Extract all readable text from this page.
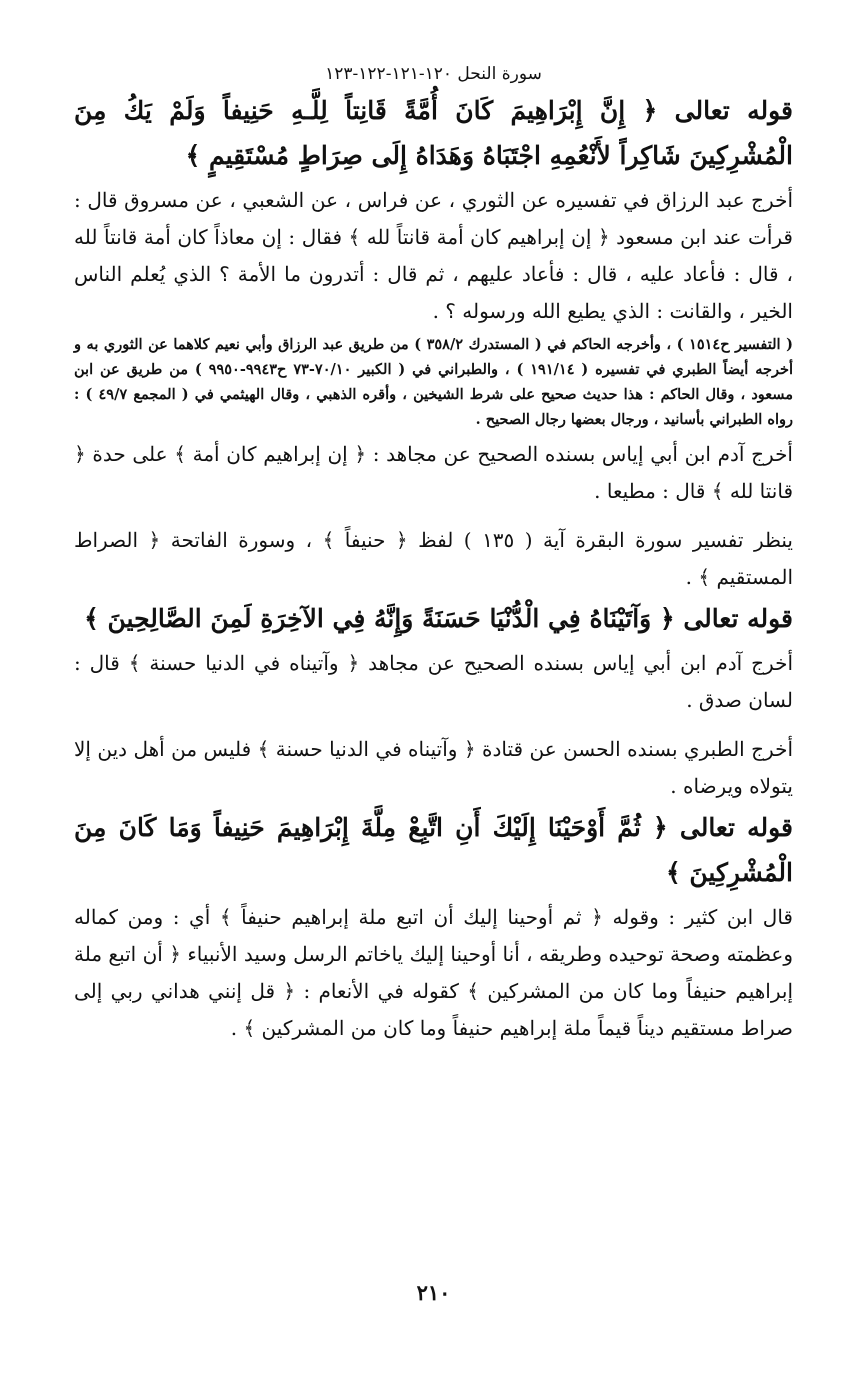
سورة النحل ١٢٠-١٢١-١٢٢-١٢٣
قوله تعالى ﴿ إِنَّ إِبْرَاهِيمَ كَانَ أُمَّةً قَانِتاً لِلَّـهِ حَنِيفاً وَلَمْ يَكُ مِنَ الْمُشْرِكِينَ شَاكِراً لأَنْعُمِهِ اجْتَبَاهُ وَهَدَاهُ إِلَى صِرَاطٍ مُسْتَقِيمٍ ﴾

أخرج عبد الرزاق في تفسيره عن الثوري ، عن فراس ، عن الشعبي ، عن مسروق قال : قرأت عند ابن مسعود ﴿ إن إبراهيم كان أمة قانتاً لله ﴾ فقال : إن معاذاً كان أمة قانتاً لله ، قال : فأعاد عليه ، قال : فأعاد عليهم ، ثم قال : أتدرون ما الأمة ؟ الذي يُعلم الناس الخير ، والقانت : الذي يطيع الله ورسوله ؟ .

( التفسير ح١٥١٤ ) ، وأخرجه الحاكم في ( المستدرك ٣٥٨/٢ ) من طريق عبد الرزاق وأبي نعيم كلاهما عن الثوري به و أخرجه أيضاً الطبري في تفسيره ( ١٩١/١٤ ) ، والطبراني في ( الكبير ٧٠/١٠-٧٣ ح٩٩٤٣-٩٩٥٠ ) من طريق عن ابن مسعود ، وقال الحاكم : هذا حديث صحيح على شرط الشيخين ، وأقره الذهبي ، وقال الهيثمي في ( المجمع ٤٩/٧ ) : رواه الطبراني بأسانيد ، ورجال بعضها رجال الصحيح .

أخرج آدم ابن أبي إياس بسنده الصحيح عن مجاهد : ﴿ إن إبراهيم كان أمة ﴾ على حدة ﴿ قانتا لله ﴾ قال : مطيعا .

ينظر تفسير سورة البقرة آية ( ١٣٥ ) لفظ ﴿ حنيفاً ﴾ ، وسورة الفاتحة ﴿ الصراط المستقيم ﴾ .

قوله تعالى ﴿ وَآتَيْنَاهُ فِي الْدُّنْيَا حَسَنَةً وَإِنَّهُ فِي الآخِرَةِ لَمِنَ الصَّالِحِينَ ﴾

أخرج آدم ابن أبي إياس بسنده الصحيح عن مجاهد ﴿ وآتيناه في الدنيا حسنة ﴾ قال : لسان صدق .

أخرج الطبري بسنده الحسن عن قتادة ﴿ وآتيناه في الدنيا حسنة ﴾ فليس من أهل دين إلا يتولاه ويرضاه .

قوله تعالى ﴿ ثُمَّ أَوْحَيْنَا إِلَيْكَ أَنِ اتَّبِعْ مِلَّةَ إِبْرَاهِيمَ حَنِيفاً وَمَا كَانَ مِنَ الْمُشْرِكِينَ ﴾

قال ابن كثير : وقوله ﴿ ثم أوحينا إليك أن اتبع ملة إبراهيم حنيفاً ﴾ أي : ومن كماله وعظمته وصحة توحيده وطريقه ، أنا أوحينا إليك ياخاتم الرسل وسيد الأنبياء ﴿ أن اتبع ملة إبراهيم حنيفاً وما كان من المشركين ﴾ كقوله في الأنعام : ﴿ قل إنني هداني ربي إلى صراط مستقيم ديناً قيماً ملة إبراهيم حنيفاً وما كان من المشركين ﴾ .

٢١٠
